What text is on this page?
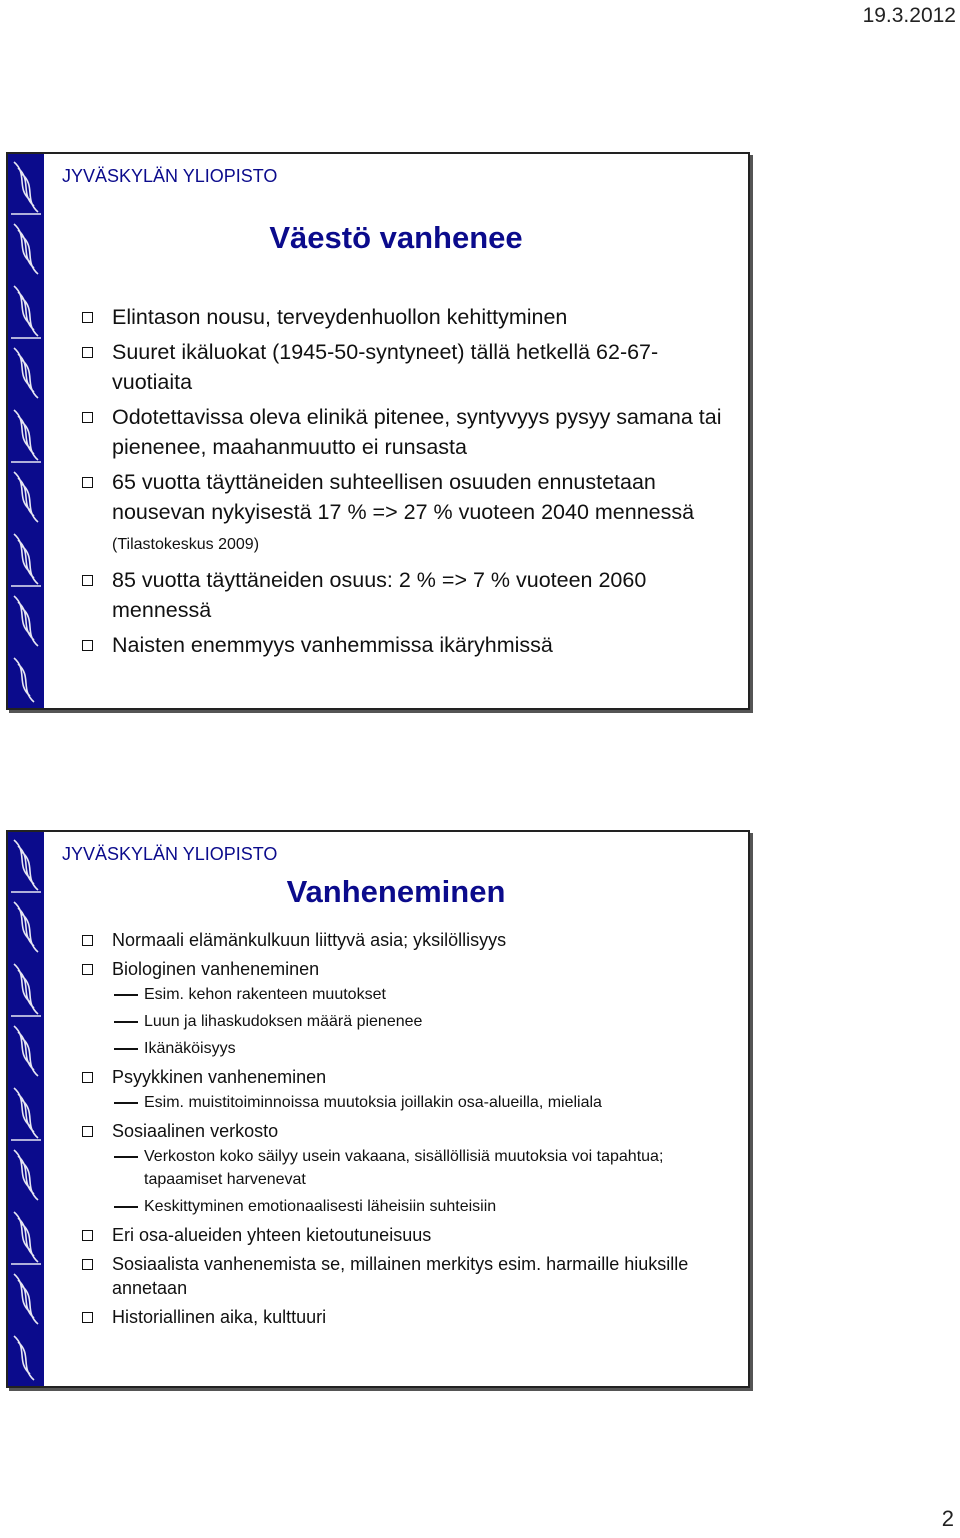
19.3.2012
JYVÄSKYLÄN YLIOPISTO
Väestö vanhenee
Elintason nousu, terveydenhuollon kehittyminen
Suuret ikäluokat (1945-50-syntyneet) tällä hetkellä 62-67-vuotiaita
Odotettavissa oleva elinikä pitenee, syntyvyys pysyy samana tai pienenee, maahanmuutto ei runsasta
65 vuotta täyttäneiden suhteellisen osuuden ennustetaan nousevan nykyisestä 17 % => 27 % vuoteen 2040 mennessä (Tilastokeskus 2009)
85 vuotta täyttäneiden osuus: 2 % => 7 % vuoteen 2060 mennessä
Naisten enemmyys vanhemmissa ikäryhmissä
JYVÄSKYLÄN YLIOPISTO
Vanheneminen
Normaali elämänkulkuun liittyvä asia; yksilöllisyys
Biologinen vanheneminen
Esim. kehon rakenteen muutokset
Luun ja lihaskudoksen määrä pienenee
Ikänäköisyys
Psyykkinen vanheneminen
Esim. muistitoiminnoissa muutoksia joillakin osa-alueilla, mieliala
Sosiaalinen verkosto
Verkoston koko säilyy usein vakaana, sisällöllisiä muutoksia voi tapahtua; tapaamiset harvenevat
Keskittyminen emotionaalisesti läheisiin suhteisiin
Eri osa-alueiden yhteen kietoutuneisuus
Sosiaalista vanhenemista se, millainen merkitys esim. harmaille hiuksille annetaan
Historiallinen aika, kulttuuri
2
